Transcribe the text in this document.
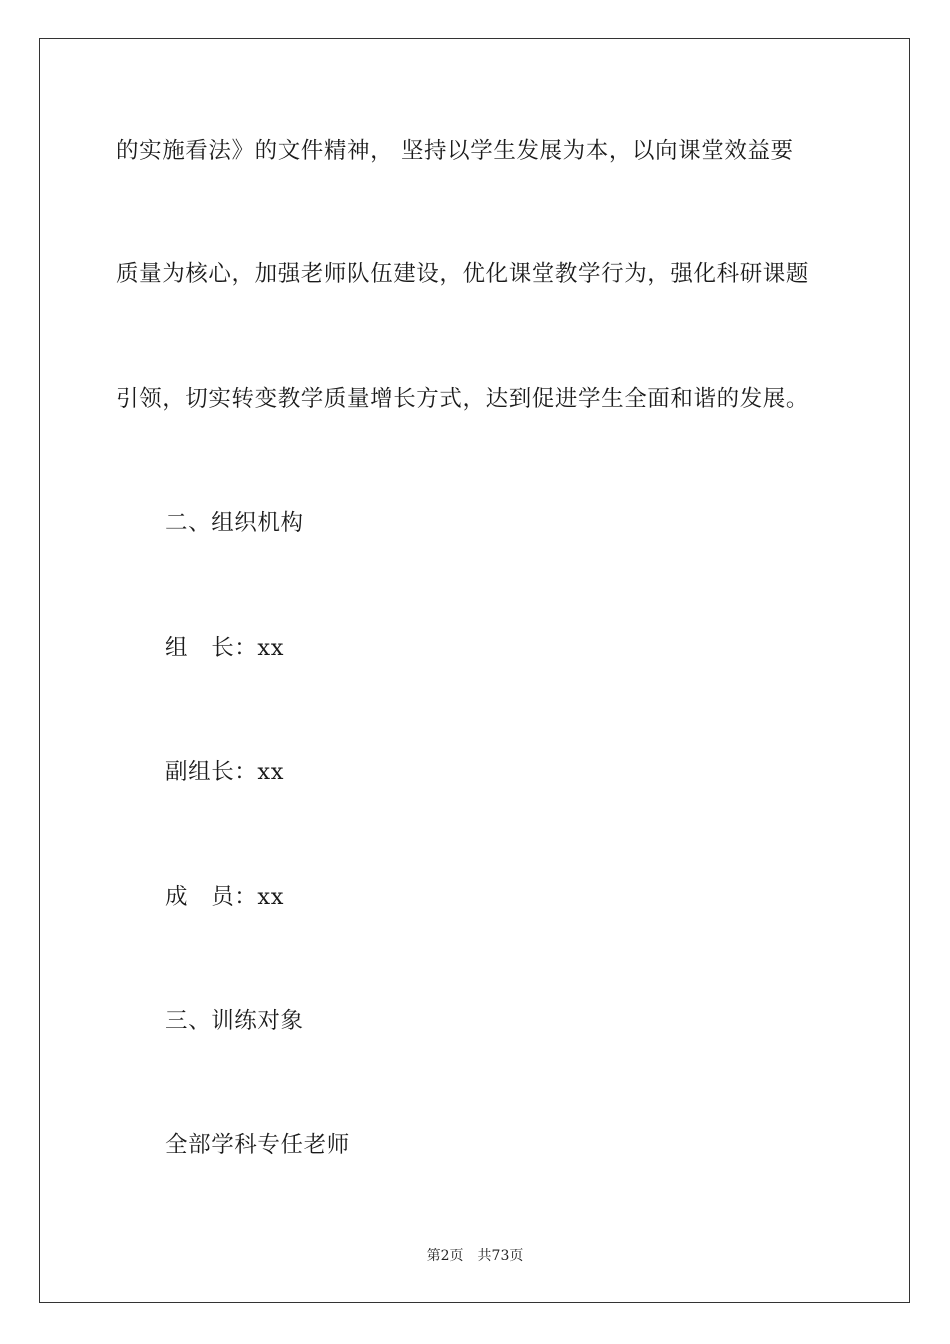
的实施看法》的文件精神， 坚持以学生发展为本，以向课堂效益要
质量为核心，加强老师队伍建设，优化课堂教学行为，强化科研课题
引领，切实转变教学质量增长方式，达到促进学生全面和谐的发展。
二、组织机构
组　长：xx
副组长：xx
成　员：xx
三、训练对象
全部学科专任老师
第2页 共73页
